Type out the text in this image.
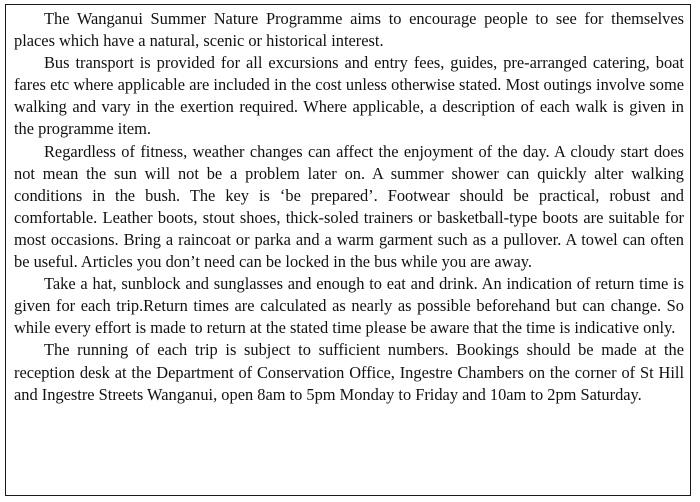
The Wanganui Summer Nature Programme aims to encourage people to see for themselves places which have a natural, scenic or historical interest.

Bus transport is provided for all excursions and entry fees, guides, pre-arranged catering, boat fares etc where applicable are included in the cost unless otherwise stated. Most outings involve some walking and vary in the exertion required. Where applicable, a description of each walk is given in the programme item.

Regardless of fitness, weather changes can affect the enjoyment of the day. A cloudy start does not mean the sun will not be a problem later on. A summer shower can quickly alter walking conditions in the bush. The key is ‘be prepared’. Footwear should be practical, robust and comfortable. Leather boots, stout shoes, thick-soled trainers or basketball-type boots are suitable for most occasions. Bring a raincoat or parka and a warm garment such as a pullover. A towel can often be useful. Articles you don’t need can be locked in the bus while you are away.

Take a hat, sunblock and sunglasses and enough to eat and drink. An indication of return time is given for each trip.Return times are calculated as nearly as possible beforehand but can change. So while every effort is made to return at the stated time please be aware that the time is indicative only.

The running of each trip is subject to sufficient numbers. Bookings should be made at the reception desk at the Department of Conservation Office, Ingestre Chambers on the corner of St Hill and Ingestre Streets Wanganui, open 8am to 5pm Monday to Friday and 10am to 2pm Saturday.
